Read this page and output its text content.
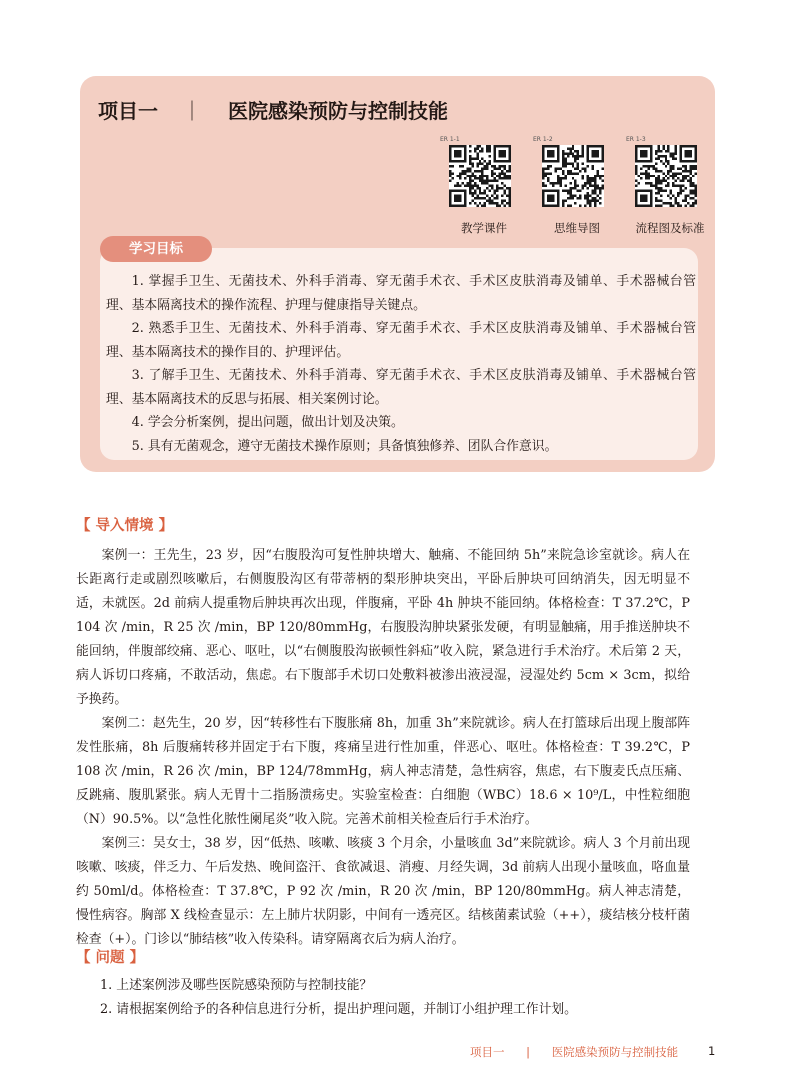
项目一 ｜ 医院感染预防与控制技能
ER 1-1
教学课件
ER 1-2
思维导图
ER 1-3
流程图及标准
学习目标

1. 掌握手卫生、无菌技术、外科手消毒、穿无菌手术衣、手术区皮肤消毒及铺单、手术器械台管理、基本隔离技术的操作流程、护理与健康指导关键点。

2. 熟悉手卫生、无菌技术、外科手消毒、穿无菌手术衣、手术区皮肤消毒及铺单、手术器械台管理、基本隔离技术的操作目的、护理评估。

3. 了解手卫生、无菌技术、外科手消毒、穿无菌手术衣、手术区皮肤消毒及铺单、手术器械台管理、基本隔离技术的反思与拓展、相关案例讨论。

4. 学会分析案例，提出问题，做出计划及决策。

5. 具有无菌观念，遵守无菌技术操作原则；具备慎独修养、团队合作意识。

【 导入情境 】

案例一：王先生，23 岁，因“右腹股沟可复性肿块增大、触痛、不能回纳 5h”来院急诊室就诊。病人在长距离行走或剧烈咳嗽后，右侧腹股沟区有带蒂柄的梨形肿块突出，平卧后肿块可回纳消失，因无明显不适，未就医。2d 前病人提重物后肿块再次出现，伴腹痛，平卧 4h 肿块不能回纳。体格检查：T 37.2℃，P 104 次 /min，R 25 次 /min，BP 120/80mmHg，右腹股沟肿块紧张发硬，有明显触痛，用手推送肿块不能回纳，伴腹部绞痛、恶心、呕吐，以“右侧腹股沟嵌顿性斜疝”收入院，紧急进行手术治疗。术后第 2 天，病人诉切口疼痛，不敢活动，焦虑。右下腹部手术切口处敷料被渗出液浸湿，浸湿处约 5cm × 3cm，拟给予换药。

案例二：赵先生，20 岁，因“转移性右下腹胀痛 8h，加重 3h”来院就诊。病人在打篮球后出现上腹部阵发性胀痛，8h 后腹痛转移并固定于右下腹，疼痛呈进行性加重，伴恶心、呕吐。体格检查：T 39.2℃，P 108 次 /min，R 26 次 /min，BP 124/78mmHg，病人神志清楚，急性病容，焦虑，右下腹麦氏点压痛、反跳痛、腹肌紧张。病人无胃十二指肠溃疡史。实验室检查：白细胞（WBC）18.6 × 10⁹/L，中性粒细胞（N）90.5%。以“急性化脓性阑尾炎”收入院。完善术前相关检查后行手术治疗。

案例三：吴女士，38 岁，因“低热、咳嗽、咳痰 3 个月余，小量咳血 3d”来院就诊。病人 3 个月前出现咳嗽、咳痰，伴乏力、午后发热、晚间盗汗、食欲减退、消瘦、月经失调，3d 前病人出现小量咳血，咯血量约 50ml/d。体格检查：T 37.8℃，P 92 次 /min，R 20 次 /min，BP 120/80mmHg。病人神志清楚，慢性病容。胸部 X 线检查显示：左上肺片状阴影，中间有一透亮区。结核菌素试验（++），痰结核分枝杆菌检查（+）。门诊以“肺结核”收入传染科。请穿隔离衣后为病人治疗。

【 问题 】

1. 上述案例涉及哪些医院感染预防与控制技能？

2. 请根据案例给予的各种信息进行分析，提出护理问题，并制订小组护理工作计划。

项目一 | 医院感染预防与控制技能	1
